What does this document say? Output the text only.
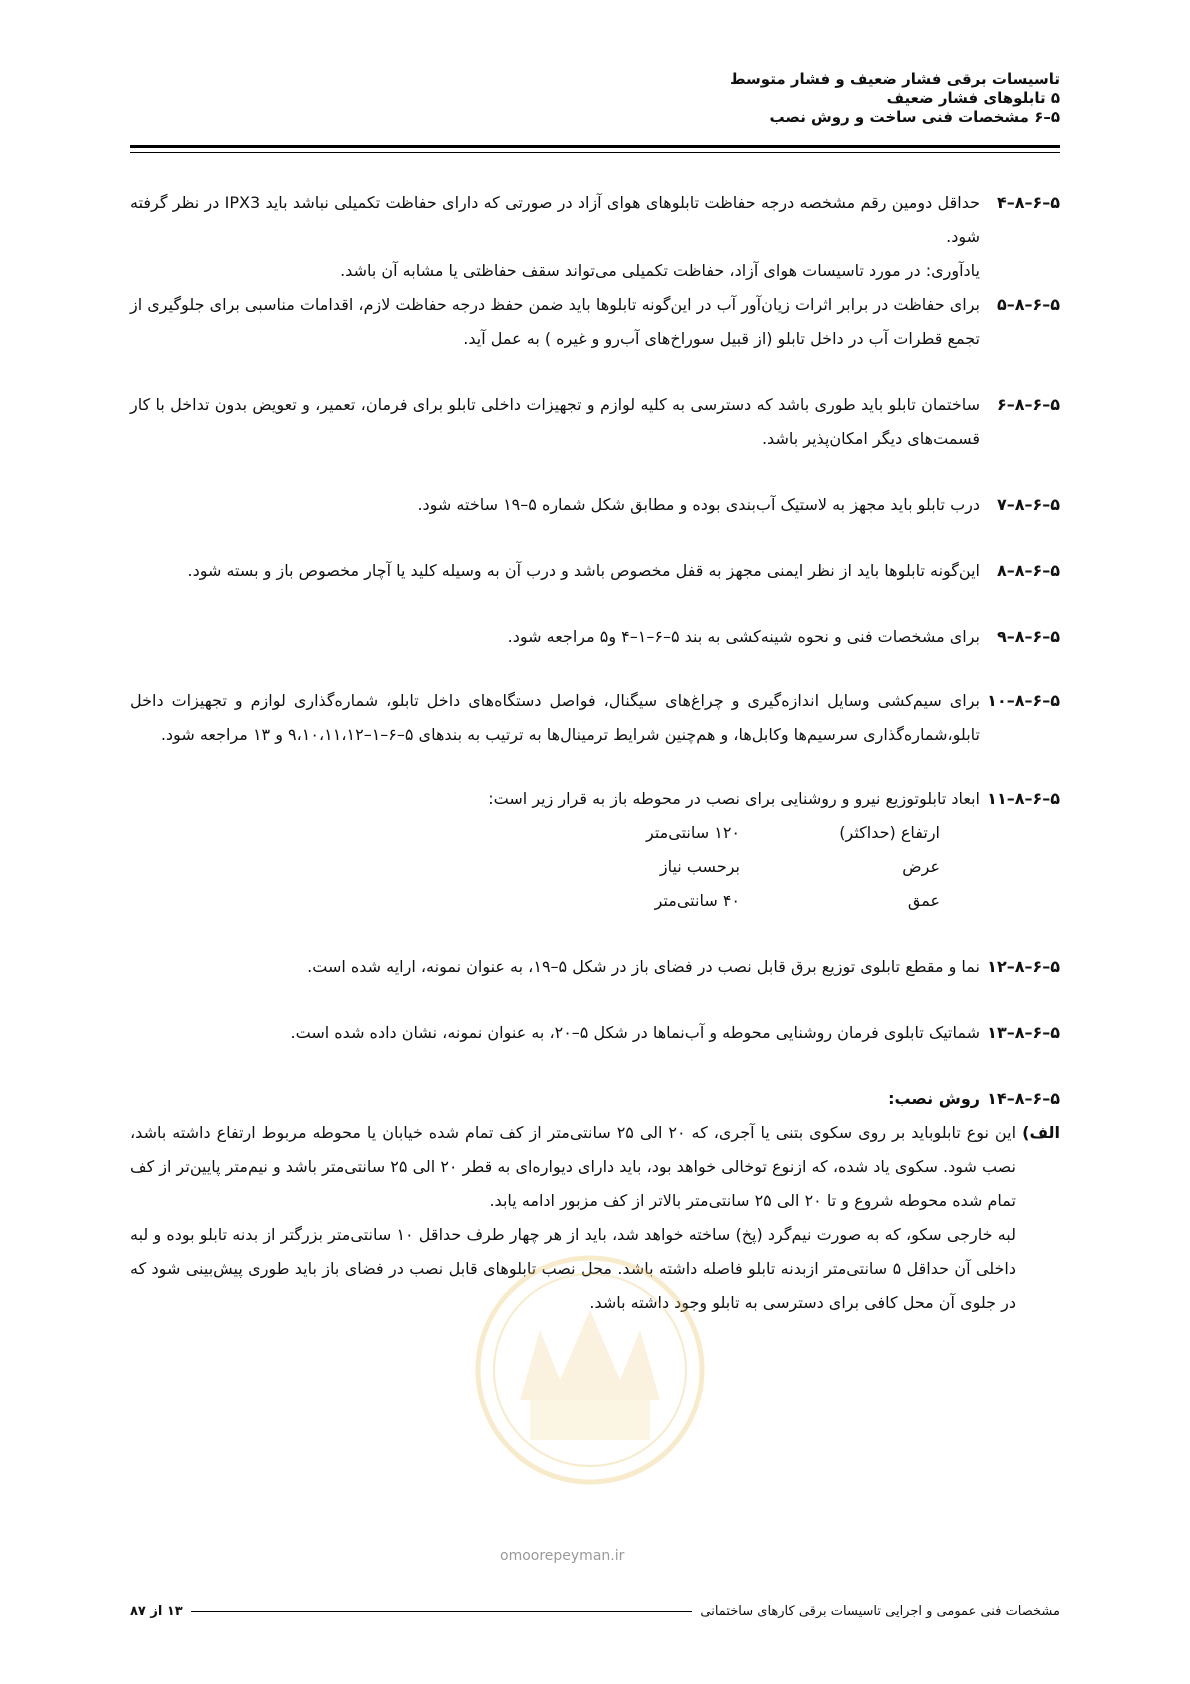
تاسیسات برقی فشار ضعیف و فشار متوسط
۵ تابلوهای فشار ضعیف
۵–۶ مشخصات فنی ساخت و روش نصب
۵–۶–۸–۴
حداقل دومین رقم مشخصه درجه حفاظت تابلوهای هوای آزاد در صورتی که دارای حفاظت تکمیلی نباشد باید IPX3 در نظر گرفته شود.
یادآوری: در مورد تاسیسات هوای آزاد، حفاظت تکمیلی می‌تواند سقف حفاظتی یا مشابه آن باشد.
۵–۶–۸–۵
برای حفاظت در برابر اثرات زیان‌آور آب در این‌گونه تابلوها باید ضمن حفظ درجه حفاظت لازم، اقدامات مناسبی برای جلوگیری از تجمع قطرات آب در داخل تابلو (از قبیل سوراخ‌های آب‌رو و غیره ) به عمل آید.
۵–۶–۸–۶
ساختمان تابلو باید طوری باشد که دسترسی به کلیه لوازم و تجهیزات داخلی تابلو برای فرمان، تعمیر، و تعویض بدون تداخل با کار قسمت‌های دیگر امکان‌پذیر باشد.
۵–۶–۸–۷
درب تابلو باید مجهز به لاستیک آب‌بندی بوده و مطابق شکل شماره ۵–۱۹ ساخته شود.
۵–۶–۸–۸
این‌گونه تابلوها باید از نظر ایمنی مجهز به قفل مخصوص باشد و درب آن به وسیله کلید یا آچار مخصوص باز و بسته شود.
۵–۶–۸–۹
برای مشخصات فنی و نحوه شینه‌کشی به بند ۵–۶–۱–۴ و۵ مراجعه شود.
۵–۶–۸–۱۰
برای سیم‌کشی وسایل اندازه‌گیری و چراغ‌های سیگنال، فواصل دستگاه‌های داخل تابلو، شماره‌گذاری لوازم و تجهیزات داخل تابلو،شماره‌گذاری سرسیم‌ها وکابل‌ها، و هم‌چنین شرایط ترمینال‌ها به ترتیب به بندهای ۵–۶–۱–۹،۱۰،۱۱،۱۲ و ۱۳ مراجعه شود.
۵–۶–۸–۱۱
ابعاد تابلوتوزیع نیرو و روشنایی برای نصب در محوطه باز به قرار زیر است:
ارتفاع (حداکثر)
۱۲۰ سانتی‌متر
عرض
برحسب نیاز
عمق
۴۰ سانتی‌متر
۵–۶–۸–۱۲
نما و مقطع تابلوی توزیع برق قابل نصب در فضای باز در شکل ۵–۱۹، به عنوان نمونه، ارایه شده است.
۵–۶–۸–۱۳
شماتیک تابلوی فرمان روشنایی محوطه و آب‌نماها در شکل ۵–۲۰، به عنوان نمونه، نشان داده شده است.
۵–۶–۸–۱۴
روش نصب:
الف)
این نوع تابلوباید بر روی سکوی بتنی یا آجری، که ۲۰ الی ۲۵ سانتی‌متر از کف تمام شده خیابان یا محوطه مربوط ارتفاع داشته باشد، نصب شود. سکوی یاد شده، که ازنوع توخالی خواهد بود، باید دارای دیواره‌ای به قطر ۲۰ الی ۲۵ سانتی‌متر باشد و نیم‌متر پایین‌تر از کف تمام شده محوطه شروع و تا ۲۰ الی ۲۵ سانتی‌متر بالاتر از کف مزبور ادامه یابد.
لبه خارجی سکو، که به صورت نیم‌گرد (پخ) ساخته خواهد شد، باید از هر چهار طرف حداقل ۱۰ سانتی‌متر بزرگتر از بدنه تابلو بوده و لبه داخلی آن حداقل ۵ سانتی‌متر ازبدنه تابلو فاصله داشته باشد. محل نصب تابلوهای قابل نصب در فضای باز باید طوری پیش‌بینی شود که در جلوی آن محل کافی برای دسترسی به تابلو وجود داشته باشد.
omoorepeyman.ir
مشخصات فنی عمومی و اجرایی تاسیسات برقی کارهای ساختمانی
۱۳ از ۸۷
